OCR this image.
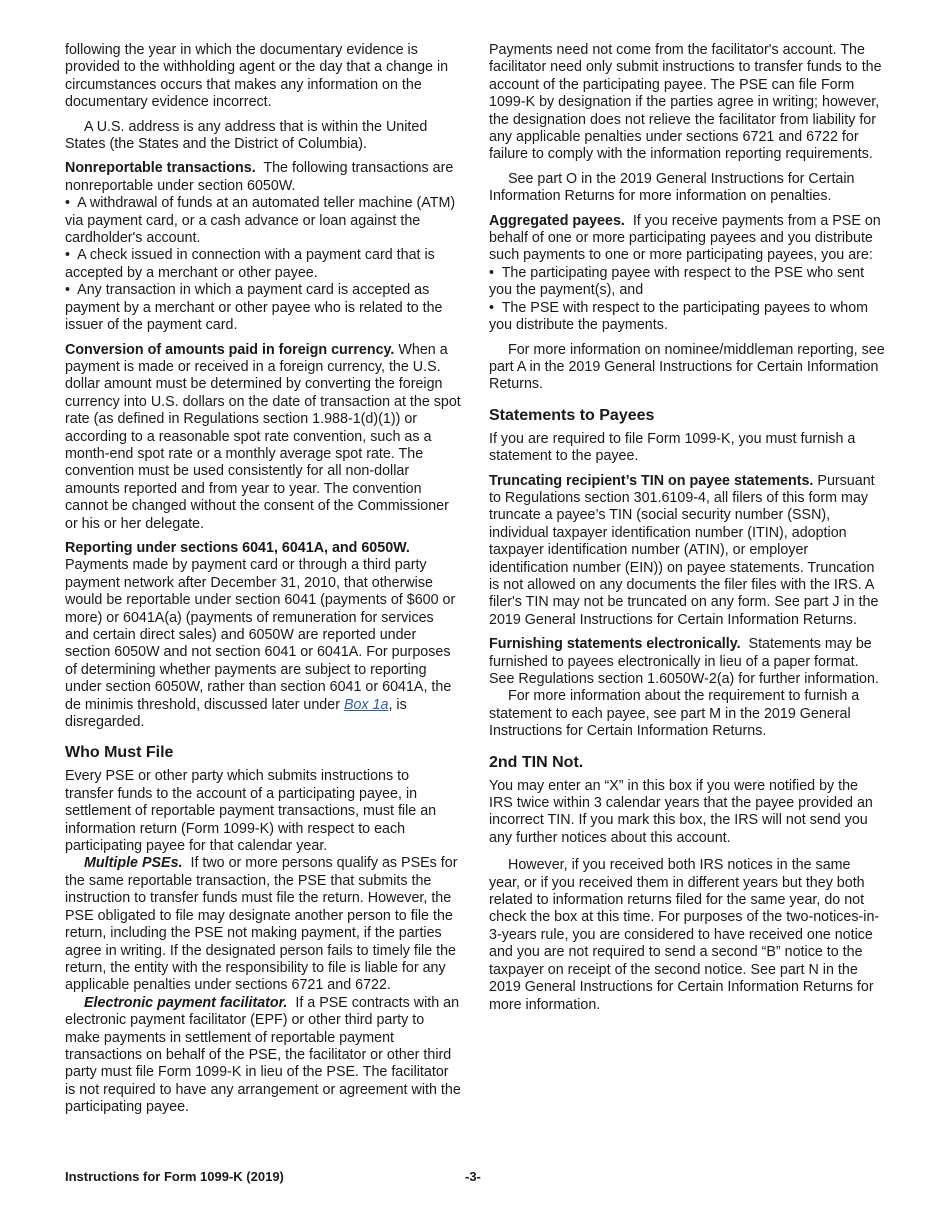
following the year in which the documentary evidence is provided to the withholding agent or the day that a change in circumstances occurs that makes any information on the documentary evidence incorrect.

A U.S. address is any address that is within the United States (the States and the District of Columbia).

Nonreportable transactions. The following transactions are nonreportable under section 6050W.

•  A withdrawal of funds at an automated teller machine (ATM) via payment card, or a cash advance or loan against the cardholder's account.

•  A check issued in connection with a payment card that is accepted by a merchant or other payee.

•  Any transaction in which a payment card is accepted as payment by a merchant or other payee who is related to the issuer of the payment card.

Conversion of amounts paid in foreign currency. When a payment is made or received in a foreign currency, the U.S. dollar amount must be determined by converting the foreign currency into U.S. dollars on the date of transaction at the spot rate (as defined in Regulations section 1.988-1(d)(1)) or according to a reasonable spot rate convention, such as a month-end spot rate or a monthly average spot rate. The convention must be used consistently for all non-dollar amounts reported and from year to year. The convention cannot be changed without the consent of the Commissioner or his or her delegate.

Reporting under sections 6041, 6041A, and 6050W. Payments made by payment card or through a third party payment network after December 31, 2010, that otherwise would be reportable under section 6041 (payments of $600 or more) or 6041A(a) (payments of remuneration for services and certain direct sales) and 6050W are reported under section 6050W and not section 6041 or 6041A. For purposes of determining whether payments are subject to reporting under section 6050W, rather than section 6041 or 6041A, the de minimis threshold, discussed later under Box 1a, is disregarded.

Who Must File

Every PSE or other party which submits instructions to transfer funds to the account of a participating payee, in settlement of reportable payment transactions, must file an information return (Form 1099-K) with respect to each participating payee for that calendar year.

Multiple PSEs. If two or more persons qualify as PSEs for the same reportable transaction, the PSE that submits the instruction to transfer funds must file the return. However, the PSE obligated to file may designate another person to file the return, including the PSE not making payment, if the parties agree in writing. If the designated person fails to timely file the return, the entity with the responsibility to file is liable for any applicable penalties under sections 6721 and 6722.

Electronic payment facilitator. If a PSE contracts with an electronic payment facilitator (EPF) or other third party to make payments in settlement of reportable payment transactions on behalf of the PSE, the facilitator or other third party must file Form 1099-K in lieu of the PSE. The facilitator is not required to have any arrangement or agreement with the participating payee.

Payments need not come from the facilitator's account. The facilitator need only submit instructions to transfer funds to the account of the participating payee. The PSE can file Form 1099-K by designation if the parties agree in writing; however, the designation does not relieve the facilitator from liability for any applicable penalties under sections 6721 and 6722 for failure to comply with the information reporting requirements.

See part O in the 2019 General Instructions for Certain Information Returns for more information on penalties.

Aggregated payees. If you receive payments from a PSE on behalf of one or more participating payees and you distribute such payments to one or more participating payees, you are:

•  The participating payee with respect to the PSE who sent you the payment(s), and

•  The PSE with respect to the participating payees to whom you distribute the payments.

For more information on nominee/middleman reporting, see part A in the 2019 General Instructions for Certain Information Returns.

Statements to Payees

If you are required to file Form 1099-K, you must furnish a statement to the payee.

Truncating recipient’s TIN on payee statements. Pursuant to Regulations section 301.6109-4, all filers of this form may truncate a payee’s TIN (social security number (SSN), individual taxpayer identification number (ITIN), adoption taxpayer identification number (ATIN), or employer identification number (EIN)) on payee statements. Truncation is not allowed on any documents the filer files with the IRS. A filer's TIN may not be truncated on any form. See part J in the 2019 General Instructions for Certain Information Returns.

Furnishing statements electronically. Statements may be furnished to payees electronically in lieu of a paper format. See Regulations section 1.6050W-2(a) for further information.

For more information about the requirement to furnish a statement to each payee, see part M in the 2019 General Instructions for Certain Information Returns.

2nd TIN Not.

You may enter an “X” in this box if you were notified by the IRS twice within 3 calendar years that the payee provided an incorrect TIN. If you mark this box, the IRS will not send you any further notices about this account.

However, if you received both IRS notices in the same year, or if you received them in different years but they both related to information returns filed for the same year, do not check the box at this time. For purposes of the two-notices-in-3-years rule, you are considered to have received one notice and you are not required to send a second “B” notice to the taxpayer on receipt of the second notice. See part N in the 2019 General Instructions for Certain Information Returns for more information.

Instructions for Form 1099-K (2019)	-3-
